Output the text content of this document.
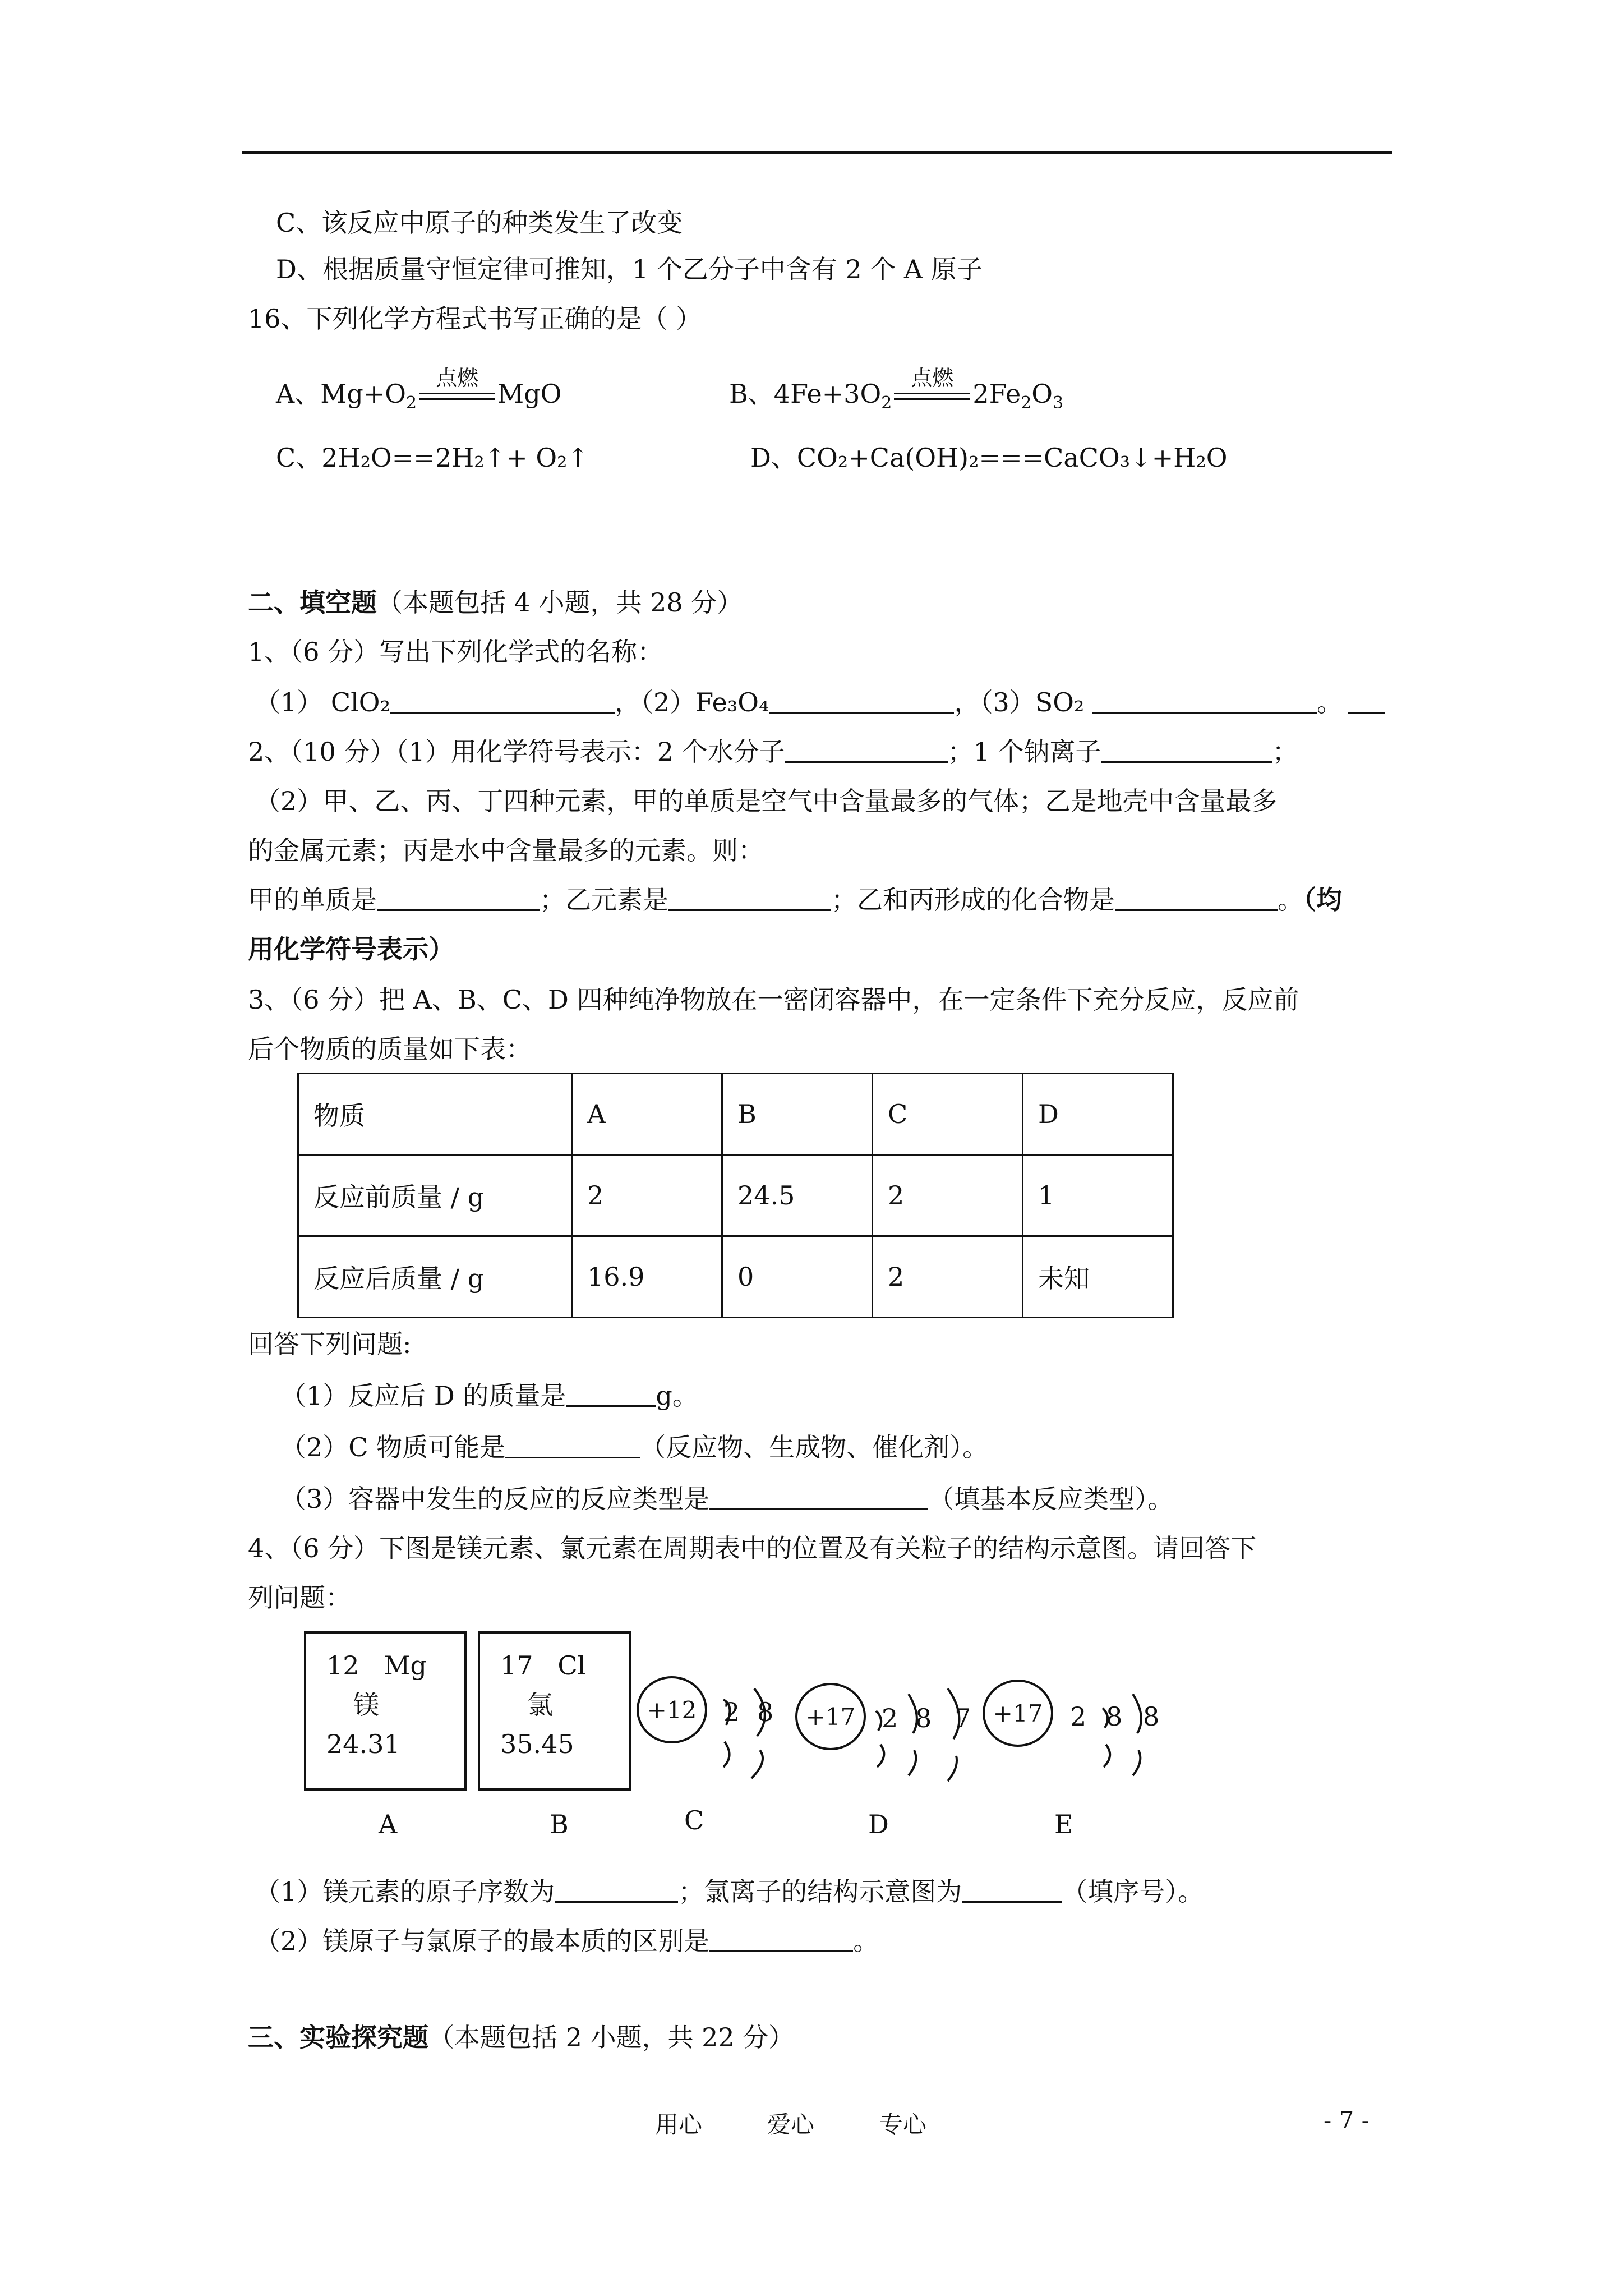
C、该反应中原子的种类发生了改变
D、根据质量守恒定律可推知，1 个乙分子中含有 2 个 A 原子
16、下列化学方程式书写正确的是（ ）
A、$Mg+O_2$
点燃
MgO	B、$4Fe+3O_2$
点燃
$2Fe_2O_3$
C、2H₂O==2H₂↑+ O₂↑	D、CO₂+Ca(OH)₂===CaCO₃↓+H₂O
二、填空题（本题包括 4 小题，共 28 分）
1、（6 分）写出下列化学式的名称：
（1） ClO₂	，（2）Fe₃O₄	，（3）SO₂	。
2、（10 分）（1）用化学符号表示：2 个水分子	；1 个钠离子	；
（2）甲、乙、丙、丁四种元素，甲的单质是空气中含量最多的气体；乙是地壳中含量最多
的金属元素；丙是水中含量最多的元素。则：
甲的单质是	；乙元素是	；乙和丙形成的化合物是	。（均
用化学符号表示）
3、（6 分）把 A、B、C、D 四种纯净物放在一密闭容器中，在一定条件下充分反应，反应前
后个物质的质量如下表：
物质	A	B	C	D
反应前质量 / g	2	24.5	2	1
反应后质量 / g	16.9	0	2	未知
回答下列问题:
（1）反应后 D 的质量是	g。
（2）C 物质可能是	（反应物、生成物、催化剂）。
（3）容器中发生的反应的反应类型是	（填基本反应类型）。
4、（6 分）下图是镁元素、氯元素在周期表中的位置及有关粒子的结构示意图。请回答下
列问题：
12 Mg
镁
24.31
17 Cl
氯
35.45
+12	+17	+17
2 8	2 8 7	2 8 8
A	B	C	D	E
（1）镁元素的原子序数为	；氯离子的结构示意图为	（填序号）。
（2）镁原子与氯原子的最本质的区别是	。
三、实验探究题（本题包括 2 小题，共 22 分）
用心	爱心	专心	- 7 -
